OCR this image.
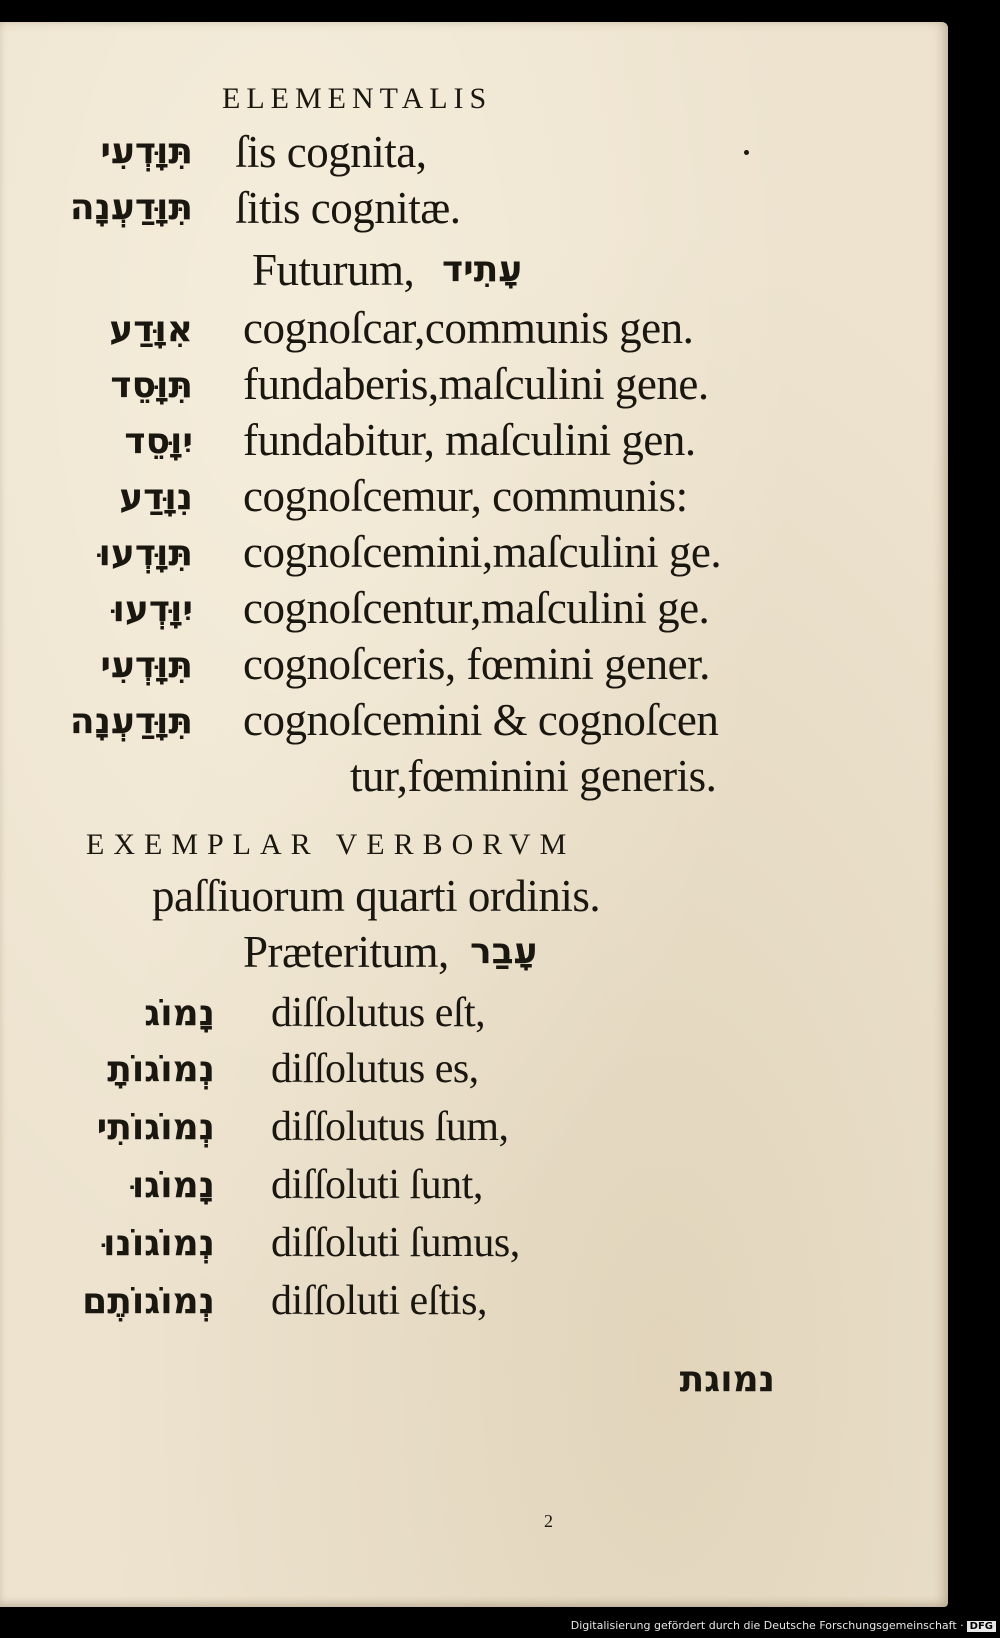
ELEMENTALIS
תִּוָּדְעִי ſis cognita,
תִּוָּדַעְנָה ſitis cognitæ.
Futurum, עָתִיד
אִוָּדַע cognoſcar,communis gen.
תִּוָּסֵד fundaberis,maſculini gene.
יִוָּסֵד fundabitur, maſculini gen.
נִוָּדַע cognoſcemur, communis:
תִּוָּדְעוּ cognoſcemini,maſculini ge.
יִוָּדְעוּ cognoſcentur,maſculini ge.
תִּוָּדְעִי cognoſceris, fœmini gener.
תִּוָּדַעְנָה cognoſcemini & cognoſcen
tur,fœminini generis.
EXEMPLAR VERBORVM
paſſiuorum quarti ordinis.
Præteritum, עָבַר
נָמוֹג diſſolutus eſt,
נְמוֹגוֹתָ diſſolutus es,
נְמוֹגוֹתִי diſſolutus ſum,
נָמוֹגוּ diſſoluti ſunt,
נְמוֹגוֹנוּ diſſoluti ſumus,
נְמוֹגוֹתֶם diſſoluti eſtis,
נמוגת
2
Digitalisierung gefördert durch die Deutsche Forschungsgemeinschaft · DFG
